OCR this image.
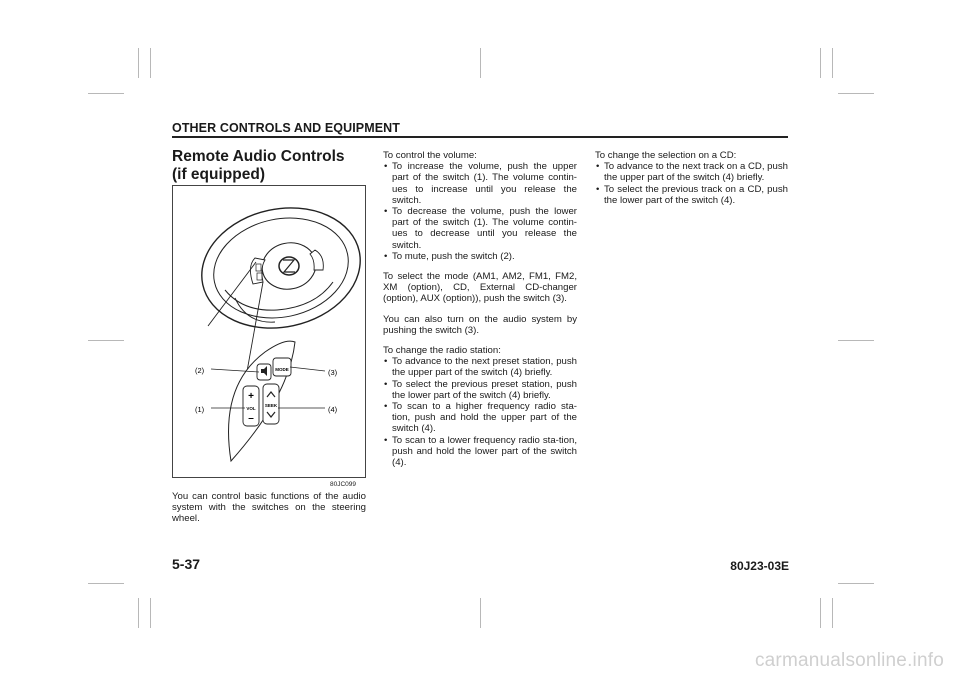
OTHER CONTROLS AND EQUIPMENT
Remote Audio Controls
(if equipped)
MODE
+
VOL
–
SEEK
(2)
(1)
(3)
(4)
80JC099

You can control basic functions of the audio system with the switches on the steering wheel.

To control the volume:

• To increase the volume, push the upper part of the switch (1). The volume contin-ues to increase until you release the switch.
• To decrease the volume, push the lower part of the switch (1). The volume contin-ues to decrease until you release the switch.
• To mute, push the switch (2).

To select the mode (AM1, AM2, FM1, FM2, XM (option), CD, External CD-changer (option), AUX (option)), push the switch (3).

You can also turn on the audio system by pushing the switch (3).

To change the radio station:

• To advance to the next preset station, push the upper part of the switch (4) briefly.
• To select the previous preset station, push the lower part of the switch (4) briefly.
• To scan to a higher frequency radio sta-tion, push and hold the upper part of the switch (4).
• To scan to a lower frequency radio sta-tion, push and hold the lower part of the switch (4).

To change the selection on a CD:

• To advance to the next track on a CD, push the upper part of the switch (4) briefly.
• To select the previous track on a CD, push the lower part of the switch (4).
5-37	80J23-03E
carmanualsonline.info
